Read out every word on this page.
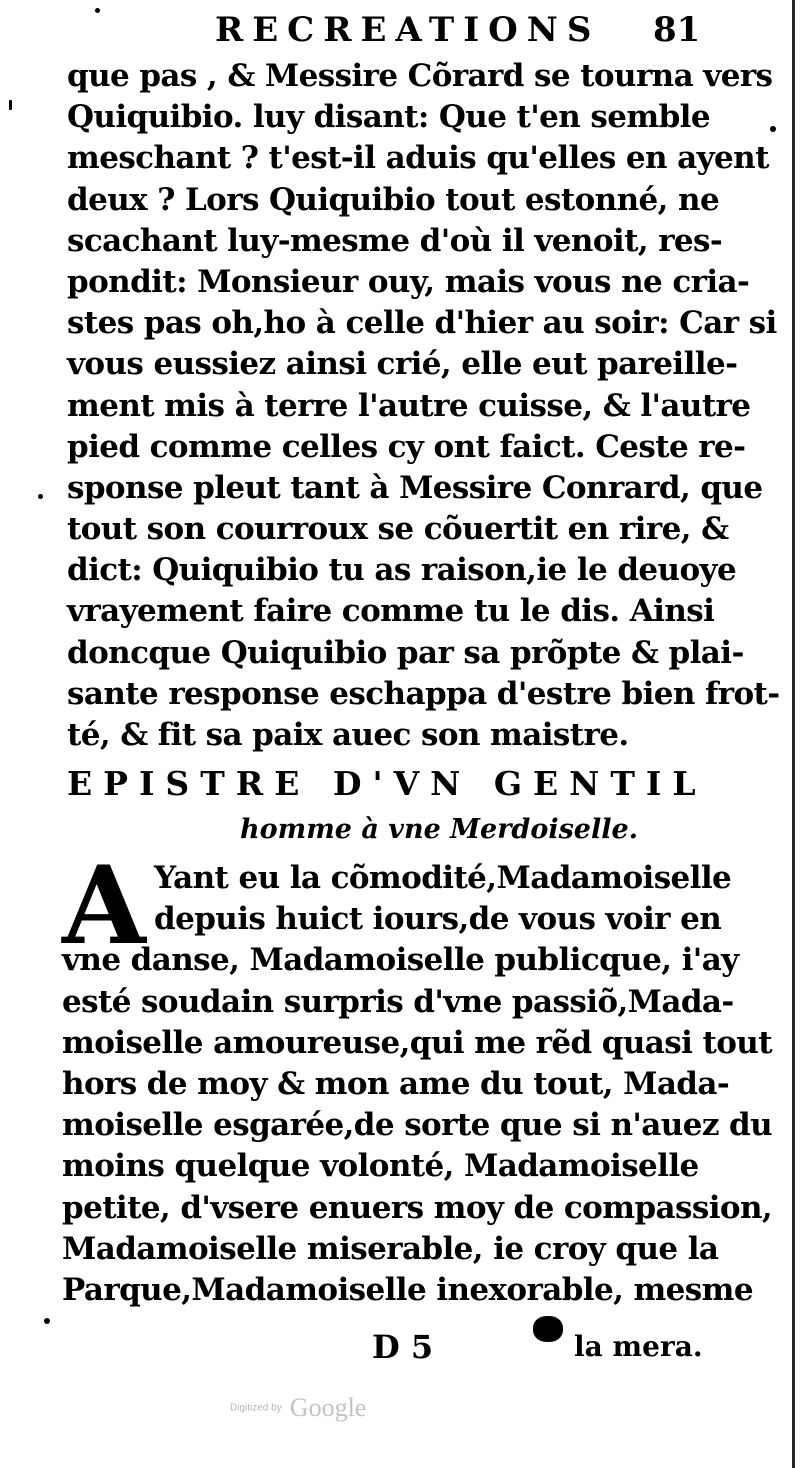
RECREATIONS 81
que pas , & Messire Cõrard se tourna vers
Quiquibio. luy disant: Que t'en semble
meschant ? t'est-il aduis qu'elles en ayent
deux ? Lors Quiquibio tout estonné, ne
scachant luy-mesme d'où il venoit, res-
pondit: Monsieur ouy, mais vous ne cria-
stes pas oh,ho à celle d'hier au soir: Car si
vous eussiez ainsi crié, elle eut pareille-
ment mis à terre l'autre cuisse, & l'autre
pied comme celles cy ont faict. Ceste re-
sponse pleut tant à Messire Conrard, que
tout son courroux se cõuertit en rire, &
dict: Quiquibio tu as raison,ie le deuoye
vrayement faire comme tu le dis. Ainsi
doncque Quiquibio par sa prõpte & plai-
sante response eschappa d'estre bien frot-
té, & fit sa paix auec son maistre.
EPISTRE D'VN GENTIL
homme à vne Merdoiselle.
A Yant eu la cõmodité,Madamoiselle
depuis huict iours,de vous voir en
vne danse, Madamoiselle publicque, i'ay
esté soudain surpris d'vne passiõ,Mada-
moiselle amoureuse,qui me rẽd quasi tout
hors de moy & mon ame du tout, Mada-
moiselle esgarée,de sorte que si n'auez du
moins quelque volonté, Madamoiselle
petite, d'vsere enuers moy de compassion,
Madamoiselle miserable, ie croy que la
Parque,Madamoiselle inexorable, mesme
D 5	la mera.
Digitized by Google
